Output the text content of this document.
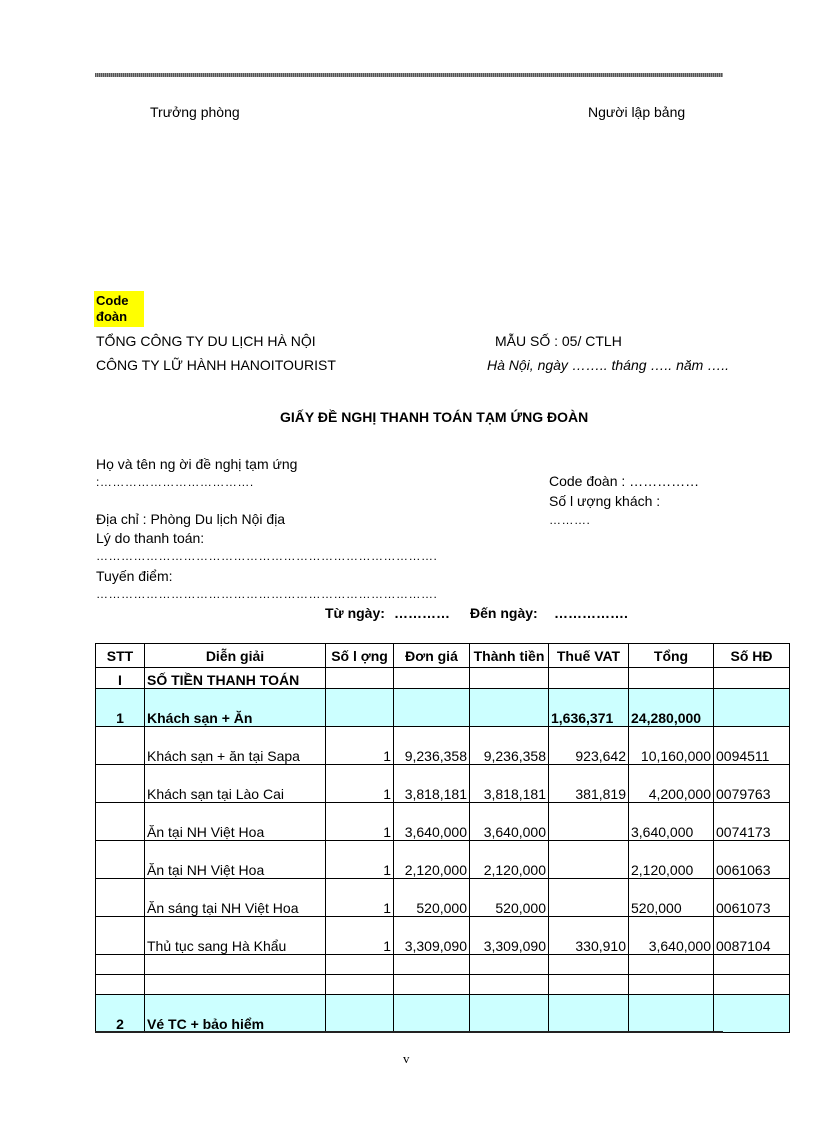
Trưởng phòng	Người lập bảng
Code
đoàn
TỔNG CÔNG TY DU LỊCH HÀ NỘI
CÔNG TY LỮ HÀNH HANOITOURIST
MẪU SỐ : 05/ CTLH
Hà Nội, ngày …….. tháng ….. năm …..
GIẤY ĐỀ NGHỊ THANH TOÁN TẠM ỨNG ĐOÀN
Họ và tên ng ời đề nghị tạm ứng
:……………………………….	Code đoàn : ……………
Số l ượng khách :
……….
Địa chỉ : Phòng Du lịch Nội địa
Lý do thanh toán:
……………………………………………………………………….
Tuyến điểm:
……………………………………………………………………….
Từ ngày: ………… Đến ngày: …………….
STT	Diễn giải	Số l ợng	Đơn giá	Thành tiền	Thuế VAT	Tổng	Số HĐ
I	SỐ TIỀN THANH TOÁN						
1	Khách sạn + Ăn				1,636,371	24,280,000	
	Khách sạn + ăn tại Sapa	1	9,236,358	9,236,358	923,642	10,160,000	0094511
	Khách sạn tại Lào Cai	1	3,818,181	3,818,181	381,819	4,200,000	0079763
	Ăn tại NH Việt Hoa	1	3,640,000	3,640,000		3,640,000	0074173
	Ăn tại NH Việt Hoa	1	2,120,000	2,120,000		2,120,000	0061063
	Ăn sáng tại NH Việt Hoa	1	520,000	520,000		520,000	0061073
	Thủ tục sang Hà Khẩu	1	3,309,090	3,309,090	330,910	3,640,000	0087104

2	Vé TC + bảo hiểm						
v
